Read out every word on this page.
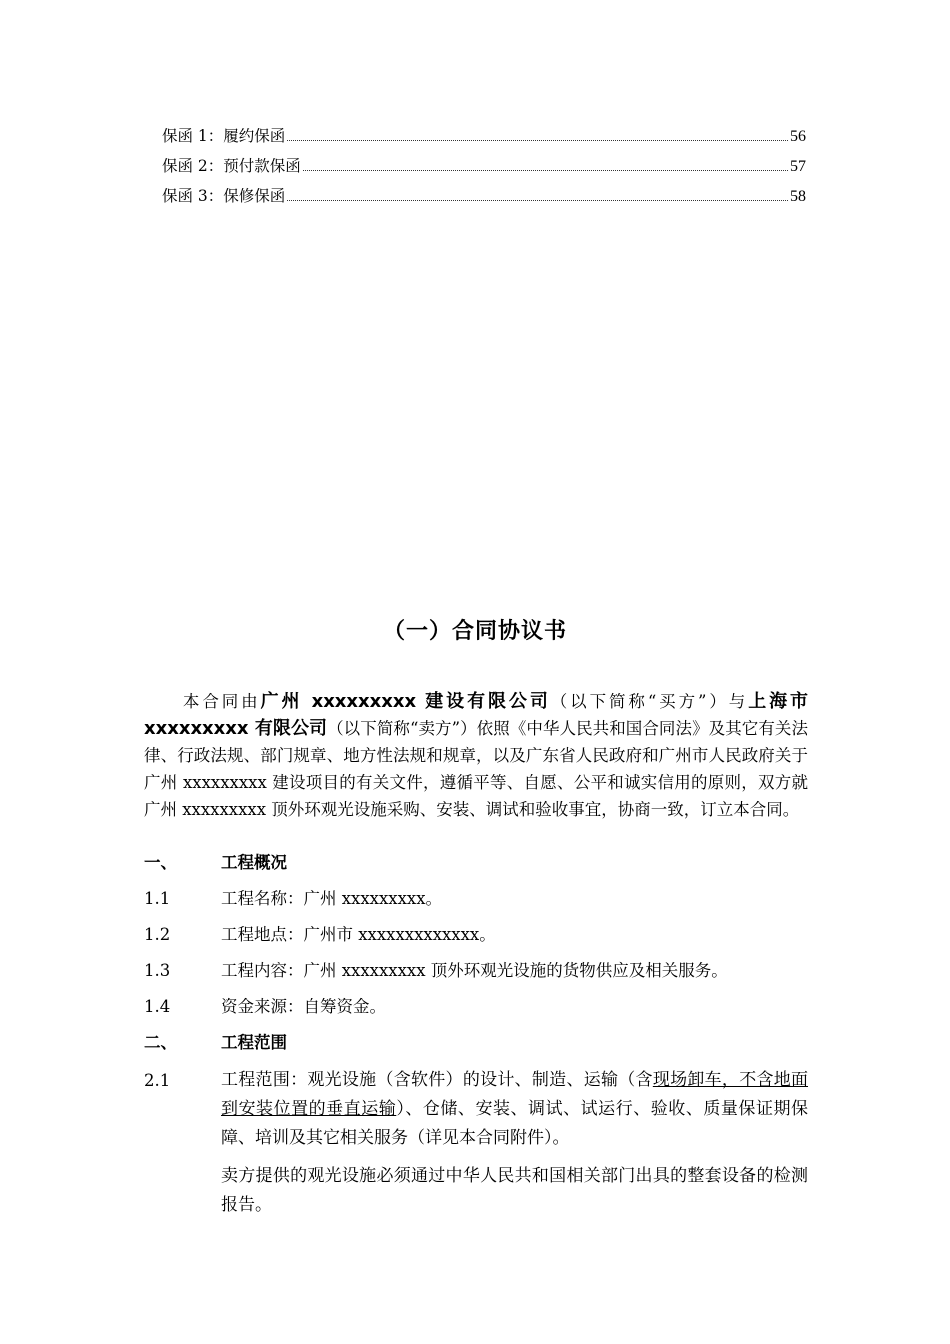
保函 1：履约保函	56
保函 2：预付款保函	57
保函 3：保修保函	58
（一）合同协议书
本合同由广州 xxxxxxxxx 建设有限公司（以下简称“买方”）与上海市 xxxxxxxxx 有限公司（以下简称“卖方”）依照《中华人民共和国合同法》及其它有关法律、行政法规、部门规章、地方性法规和规章，以及广东省人民政府和广州市人民政府关于广州 xxxxxxxxx 建设项目的有关文件，遵循平等、自愿、公平和诚实信用的原则，双方就广州 xxxxxxxxx 顶外环观光设施采购、安装、调试和验收事宜，协商一致，订立本合同。
一、	工程概况
1.1	工程名称：广州 xxxxxxxxx。
1.2	工程地点：广州市 xxxxxxxxxxxxx。
1.3	工程内容：广州 xxxxxxxxx 顶外环观光设施的货物供应及相关服务。
1.4	资金来源：自筹资金。
二、	工程范围
2.1	工程范围：观光设施（含软件）的设计、制造、运输（含现场卸车，不含地面到安装位置的垂直运输）、仓储、安装、调试、试运行、验收、质量保证期保障、培训及其它相关服务（详见本合同附件）。
卖方提供的观光设施必须通过中华人民共和国相关部门出具的整套设备的检测报告。
